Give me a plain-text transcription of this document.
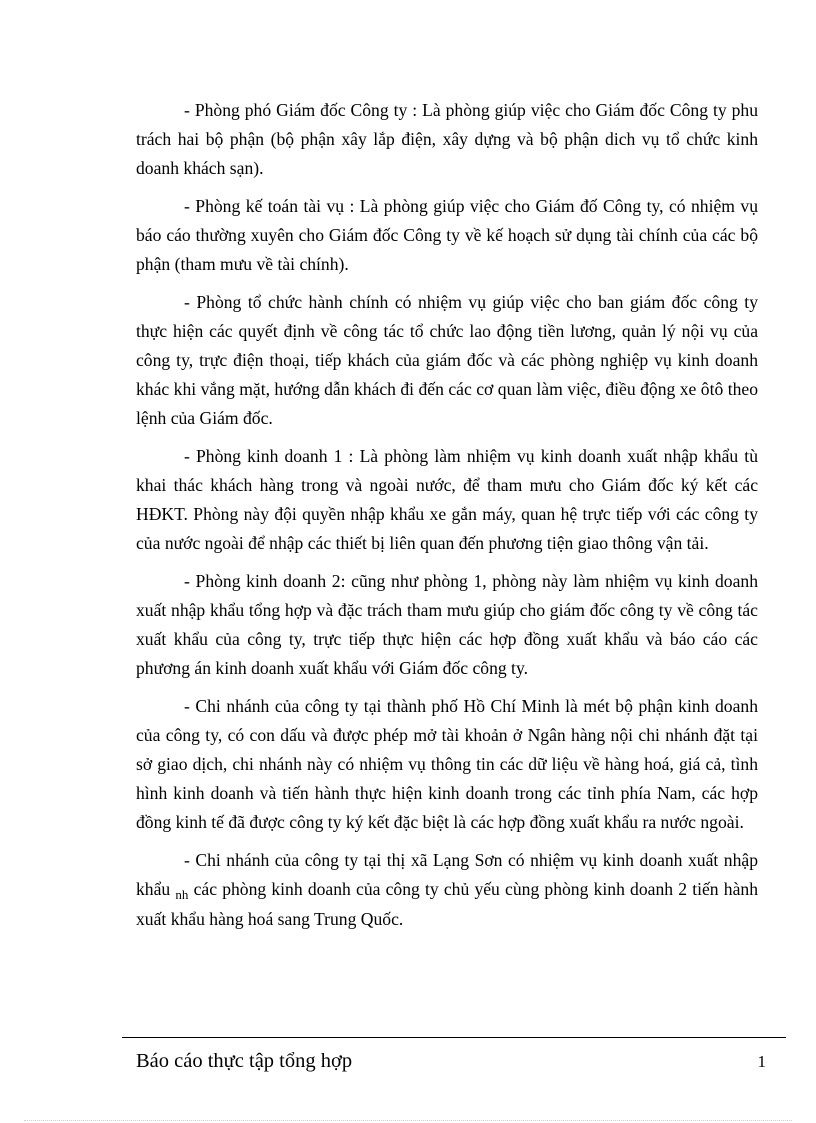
- Phòng phó Giám đốc Công ty : Là phòng giúp việc cho Giám đốc Công ty phu trách hai bộ phận (bộ phận xây lắp điện, xây dựng và bộ phận dich vụ tổ chức kinh doanh khách sạn).

- Phòng kế toán tài vụ : Là phòng giúp việc cho Giám đố Công ty, có nhiệm vụ báo cáo thường xuyên cho Giám đốc Công ty về kế hoạch sử dụng tài chính của các bộ phận (tham mưu về tài chính).

- Phòng tổ chức hành chính có nhiệm vụ giúp việc cho ban giám đốc công ty thực hiện các quyết định về công tác tổ chức lao động tiền lương, quản lý nội vụ của công ty, trực điện thoại, tiếp khách của giám đốc và các phòng nghiệp vụ kinh doanh khác khi vắng mặt, hướng dẫn khách đi đến các cơ quan làm việc, điều động xe ôtô theo lệnh của Giám đốc.

- Phòng kinh doanh 1 : Là phòng làm nhiệm vụ kinh doanh xuất nhập khẩu tù khai thác khách hàng trong và ngoài nước, để tham mưu cho Giám đốc ký kết các HĐKT. Phòng này đội quyền nhập khẩu xe gắn máy, quan hệ trực tiếp với các công ty của nước ngoài để nhập các thiết bị liên quan đến phương tiện giao thông vận tải.

- Phòng kinh doanh 2: cũng như phòng 1, phòng này làm nhiệm vụ kinh doanh xuất nhập khẩu tổng hợp và đặc trách tham mưu giúp cho giám đốc công ty về công tác xuất khẩu của công ty, trực tiếp thực hiện các hợp đồng xuất khẩu và báo cáo các phương án kinh doanh xuất khẩu với Giám đốc công ty.

- Chi nhánh của công ty tại thành phố Hồ Chí Minh là mét bộ phận kinh doanh của công ty, có con dấu và được phép mở tài khoản ở Ngân hàng nội chi nhánh đặt tại sở giao dịch, chi nhánh này có nhiệm vụ thông tin các dữ liệu về hàng hoá, giá cả, tình hình kinh doanh và tiến hành thực hiện kinh doanh trong các tỉnh phía Nam, các hợp đồng kinh tế đã được công ty ký kết đặc biệt là các hợp đồng xuất khẩu ra nước ngoài.

- Chi nhánh của công ty tại thị xã Lạng Sơn có nhiệm vụ kinh doanh xuất nhập khẩu $_{nh}$ các phòng kinh doanh của công ty chủ yếu cùng phòng kinh doanh 2 tiến hành xuất khẩu hàng hoá sang Trung Quốc.

Báo cáo thực tập tổng hợp	1
